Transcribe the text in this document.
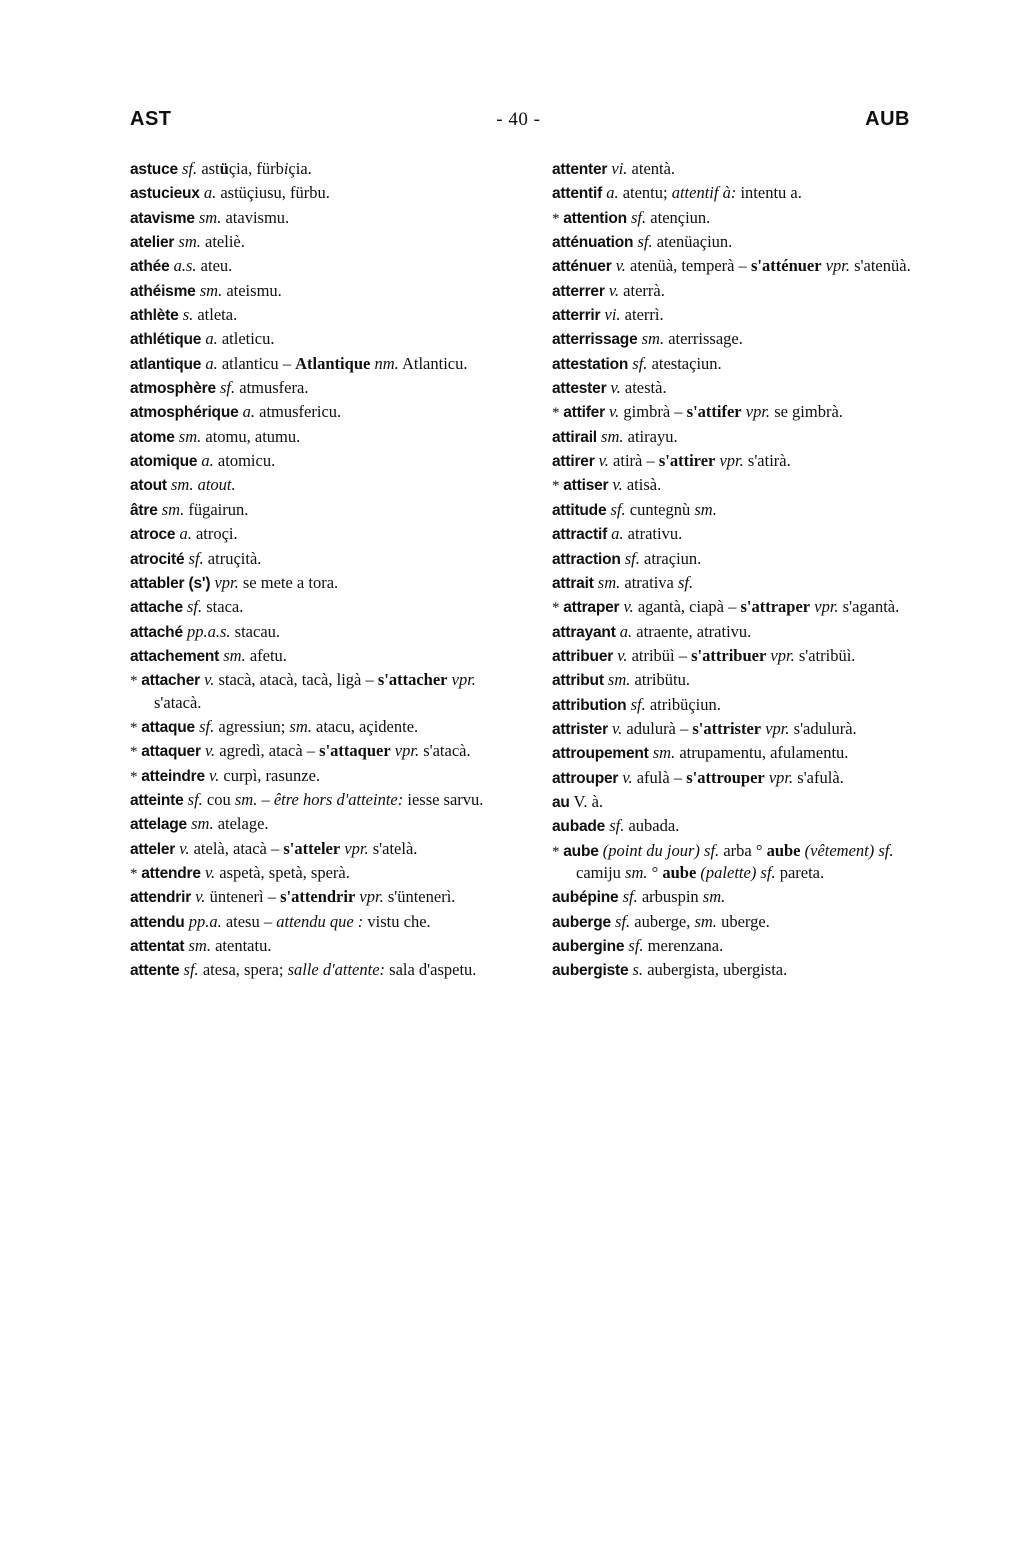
AST	- 40 -	AUB
astuce sf. astüçia, fürbiçia.
astucieux a. astüçiusu, fürbu.
atavisme sm. atavismu.
atelier sm. ateliè.
athée a.s. ateu.
athéisme sm. ateismu.
athlète s. atleta.
athlétique a. atleticu.
atlantique a. atlanticu – Atlantique nm. Atlanticu.
atmosphère sf. atmusfera.
atmosphérique a. atmusfericu.
atome sm. atomu, atumu.
atomique a. atomicu.
atout sm. atout.
âtre sm. fügairun.
atroce a. atroçi.
atrocité sf. atruçità.
attabler (s') vpr. se mete a tora.
attache sf. staca.
attaché pp.a.s. stacau.
attachement sm. afetu.
* attacher v. stacà, atacà, tacà, ligà – s'attacher vpr. s'atacà.
* attaque sf. agressiun; sm. atacu, açidente.
* attaquer v. agredì, atacà – s'attaquer vpr. s'atacà.
* atteindre v. curpì, rasunze.
atteinte sf. cou sm. – être hors d'atteinte: iesse sarvu.
attelage sm. atelage.
atteler v. atelà, atacà – s'atteler vpr. s'atelà.
* attendre v. aspetà, spetà, sperà.
attendrir v. üntenerì – s'attendrir vpr. s'üntenerì.
attendu pp.a. atesu – attendu que : vistu che.
attentat sm. atentatu.
attente sf. atesa, spera; salle d'attente: sala d'aspetu.
attenter vi. atentà.
attentif a. atentu; attentif à: intentu a.
* attention sf. atençiun.
atténuation sf. atenüaçiun.
atténuer v. atenüà, temperà – s'atténuer vpr. s'atenüà.
atterrer v. aterrà.
atterrir vi. aterrì.
atterrissage sm. aterrissage.
attestation sf. atestaçiun.
attester v. atestà.
* attifer v. gimbrà – s'attifer vpr. se gimbrà.
attirail sm. atirayu.
attirer v. atirà – s'attirer vpr. s'atirà.
* attiser v. atisà.
attitude sf. cuntegnù sm.
attractif a. atrativu.
attraction sf. atraçiun.
attrait sm. atrativa sf.
* attraper v. agantà, ciapà – s'attraper vpr. s'agantà.
attrayant a. atraente, atrativu.
attribuer v. atribüì – s'attribuer vpr. s'atribüì.
attribut sm. atribütu.
attribution sf. atribüçiun.
attrister v. adulurà – s'attrister vpr. s'adulurà.
attroupement sm. atrupamentu, afulamentu.
attrouper v. afulà – s'attrouper vpr. s'afulà.
au V. à.
aubade sf. aubada.
* aube (point du jour) sf. arba ° aube (vêtement) sf. camiju sm. ° aube (palette) sf. pareta.
aubépine sf. arbuspin sm.
auberge sf. auberge, sm. uberge.
aubergine sf. merenzana.
aubergiste s. aubergista, ubergista.
